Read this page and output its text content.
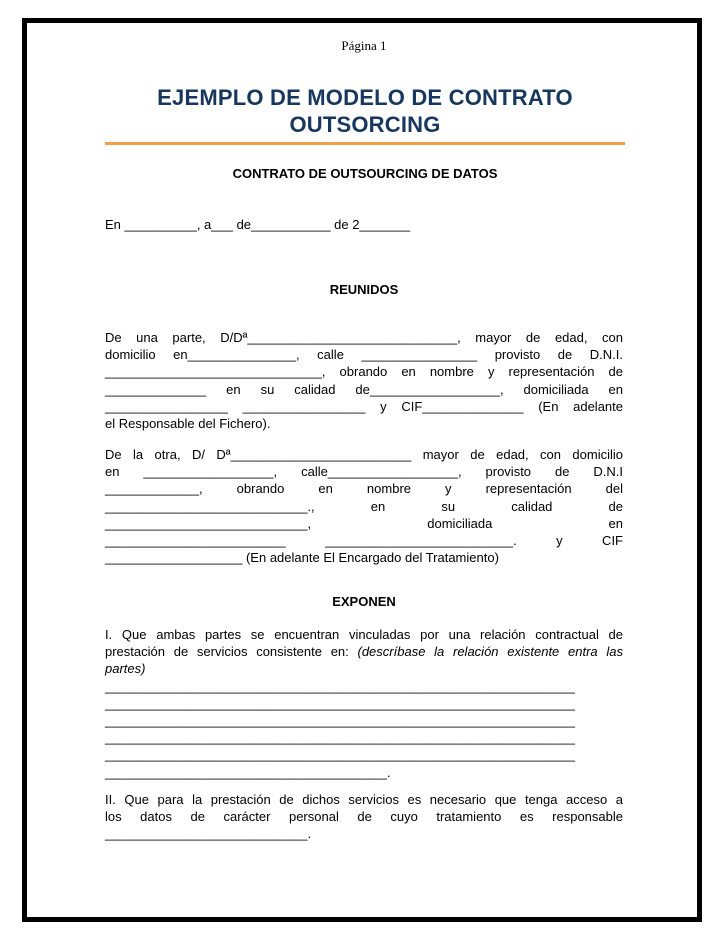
Página 1
EJEMPLO DE MODELO DE CONTRATO
OUTSORCING
CONTRATO DE OUTSOURCING DE DATOS
En __________, a___ de___________ de 2_______
REUNIDOS
De una parte, D/Dª_____________________________, mayor de edad, con
domicilio en_______________, calle ________________ provisto de D.N.I.
______________________________, obrando en nombre y representación de
______________ en su calidad de__________________, domiciliada en
_________________ _________________ y CIF______________ (En adelante
el Responsable del Fichero).
De la otra, D/ Dª_________________________ mayor de edad, con domicilio
en __________________, calle__________________, provisto de D.N.I
_____________, obrando en nombre y representación del
____________________________., en su calidad de
____________________________, domiciliada en
_________________________ __________________________. y CIF
___________________ (En adelante El Encargado del Tratamiento)
EXPONEN
I. Que ambas partes se encuentran vinculadas por una relación contractual de
prestación de servicios consistente en: (descríbase la relación existente entra las
partes)
_________________________________________________________________
_________________________________________________________________
_________________________________________________________________
_________________________________________________________________
_________________________________________________________________
_______________________________________.
II. Que para la prestación de dichos servicios es necesario que tenga acceso a
los datos de carácter personal de cuyo tratamiento es responsable
____________________________.
